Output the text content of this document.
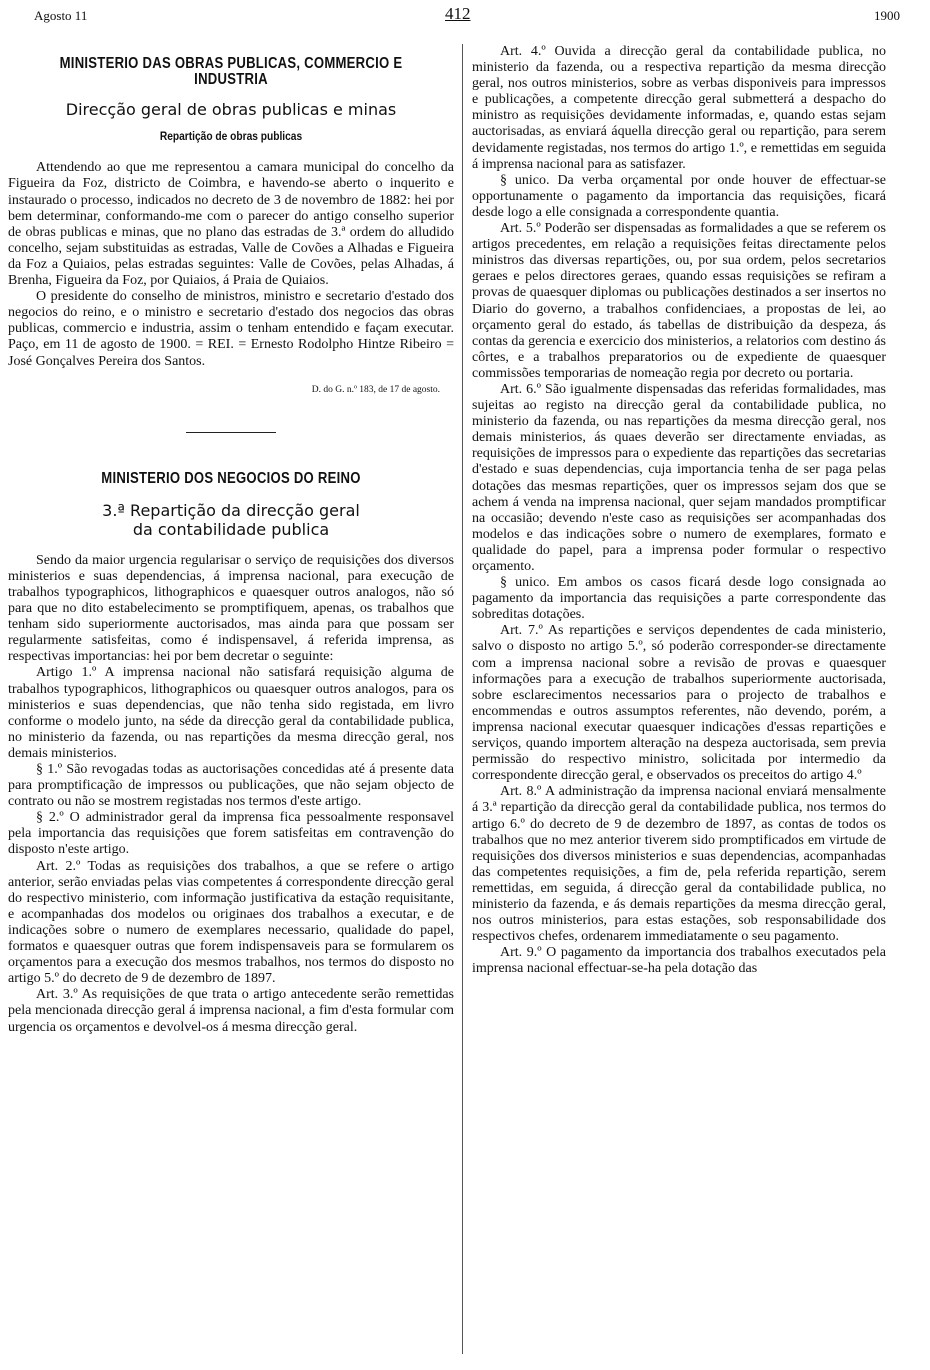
Agosto 11	412	1900
MINISTERIO DAS OBRAS PUBLICAS, COMMERCIO E INDUSTRIA
Direcção geral de obras publicas e minas
Repartição de obras publicas

Attendendo ao que me representou a camara municipal do concelho da Figueira da Foz, districto de Coimbra, e havendo-se aberto o inquerito e instaurado o processo, indicados no decreto de 3 de novembro de 1882: hei por bem determinar, conformando-me com o parecer do antigo conselho superior de obras publicas e minas, que no plano das estradas de 3.ª ordem do alludido concelho, sejam substituidas as estradas, Valle de Covões a Alhadas e Figueira da Foz a Quiaios, pelas estradas seguintes: Valle de Covões, pelas Alhadas, á Brenha, Figueira da Foz, por Quiaios, á Praia de Quiaios.

O presidente do conselho de ministros, ministro e secretario d'estado dos negocios do reino, e o ministro e secretario d'estado dos negocios das obras publicas, commercio e industria, assim o tenham entendido e façam executar. Paço, em 11 de agosto de 1900. = REI. = Ernesto Rodolpho Hintze Ribeiro = José Gonçalves Pereira dos Santos.

D. do G. n.º 183, de 17 de agosto.
MINISTERIO DOS NEGOCIOS DO REINO
3.ª Repartição da direcção geral
da contabilidade publica

Sendo da maior urgencia regularisar o serviço de requisições dos diversos ministerios e suas dependencias, á imprensa nacional, para execução de trabalhos typographicos, lithographicos e quaesquer outros analogos, não só para que no dito estabelecimento se promptifiquem, apenas, os trabalhos que tenham sido superiormente auctorisados, mas ainda para que possam ser regularmente satisfeitas, como é indispensavel, á referida imprensa, as respectivas importancias: hei por bem decretar o seguinte:

Artigo 1.º A imprensa nacional não satisfará requisição alguma de trabalhos typographicos, lithographicos ou quaesquer outros analogos, para os ministerios e suas dependencias, que não tenha sido registada, em livro conforme o modelo junto, na séde da direcção geral da contabilidade publica, no ministerio da fazenda, ou nas repartições da mesma direcção geral, nos demais ministerios.

§ 1.º São revogadas todas as auctorisações concedidas até á presente data para promptificação de impressos ou publicações, que não sejam objecto de contrato ou não se mostrem registadas nos termos d'este artigo.

§ 2.º O administrador geral da imprensa fica pessoalmente responsavel pela importancia das requisições que forem satisfeitas em contravenção do disposto n'este artigo.

Art. 2.º Todas as requisições dos trabalhos, a que se refere o artigo anterior, serão enviadas pelas vias competentes á correspondente direcção geral do respectivo ministerio, com informação justificativa da estação requisitante, e acompanhadas dos modelos ou originaes dos trabalhos a executar, e de indicações sobre o numero de exemplares necessario, qualidade do papel, formatos e quaesquer outras que forem indispensaveis para se formularem os orçamentos para a execução dos mesmos trabalhos, nos termos do disposto no artigo 5.º do decreto de 9 de dezembro de 1897.

Art. 3.º As requisições de que trata o artigo antecedente serão remettidas pela mencionada direcção geral á imprensa nacional, a fim d'esta formular com urgencia os orçamentos e devolvel-os á mesma direcção geral.

Art. 4.º Ouvida a direcção geral da contabilidade publica, no ministerio da fazenda, ou a respectiva repartição da mesma direcção geral, nos outros ministerios, sobre as verbas disponiveis para impressos e publicações, a competente direcção geral submetterá a despacho do ministro as requisições devidamente informadas, e, quando estas sejam auctorisadas, as enviará áquella direcção geral ou repartição, para serem devidamente registadas, nos termos do artigo 1.º, e remettidas em seguida á imprensa nacional para as satisfazer.

§ unico. Da verba orçamental por onde houver de effectuar-se opportunamente o pagamento da importancia das requisições, ficará desde logo a elle consignada a correspondente quantia.

Art. 5.º Poderão ser dispensadas as formalidades a que se referem os artigos precedentes, em relação a requisições feitas directamente pelos ministros das diversas repartições, ou, por sua ordem, pelos secretarios geraes e pelos directores geraes, quando essas requisições se refiram a provas de quaesquer diplomas ou publicações destinados a ser insertos no Diario do governo, a trabalhos confidenciaes, a propostas de lei, ao orçamento geral do estado, ás tabellas de distribuição da despeza, ás contas da gerencia e exercicio dos ministerios, a relatorios com destino ás côrtes, e a trabalhos preparatorios ou de expediente de quaesquer commissões temporarias de nomeação regia por decreto ou portaria.

Art. 6.º São igualmente dispensadas das referidas formalidades, mas sujeitas ao registo na direcção geral da contabilidade publica, no ministerio da fazenda, ou nas repartições da mesma direcção geral, nos demais ministerios, ás quaes deverão ser directamente enviadas, as requisições de impressos para o expediente das repartições das secretarias d'estado e suas dependencias, cuja importancia tenha de ser paga pelas dotações das mesmas repartições, quer os impressos sejam dos que se achem á venda na imprensa nacional, quer sejam mandados promptificar na occasião; devendo n'este caso as requisições ser acompanhadas dos modelos e das indicações sobre o numero de exemplares, formato e qualidade do papel, para a imprensa poder formular o respectivo orçamento.

§ unico. Em ambos os casos ficará desde logo consignada ao pagamento da importancia das requisições a parte correspondente das sobreditas dotações.

Art. 7.º As repartições e serviços dependentes de cada ministerio, salvo o disposto no artigo 5.º, só poderão corresponder-se directamente com a imprensa nacional sobre a revisão de provas e quaesquer informações para a execução de trabalhos superiormente auctorisada, sobre esclarecimentos necessarios para o projecto de trabalhos e encommendas e outros assumptos referentes, não devendo, porém, a imprensa nacional executar quaesquer indicações d'essas repartições e serviços, quando importem alteração na despeza auctorisada, sem previa permissão do respectivo ministro, solicitada por intermedio da correspondente direcção geral, e observados os preceitos do artigo 4.º

Art. 8.º A administração da imprensa nacional enviará mensalmente á 3.ª repartição da direcção geral da contabilidade publica, nos termos do artigo 6.º do decreto de 9 de dezembro de 1897, as contas de todos os trabalhos que no mez anterior tiverem sido promptificados em virtude de requisições dos diversos ministerios e suas dependencias, acompanhadas das competentes requisições, a fim de, pela referida repartição, serem remettidas, em seguida, á direcção geral da contabilidade publica, no ministerio da fazenda, e ás demais repartições da mesma direcção geral, nos outros ministerios, para estas estações, sob responsabilidade dos respectivos chefes, ordenarem immediatamente o seu pagamento.

Art. 9.º O pagamento da importancia dos trabalhos executados pela imprensa nacional effectuar-se-ha pela dotação das
